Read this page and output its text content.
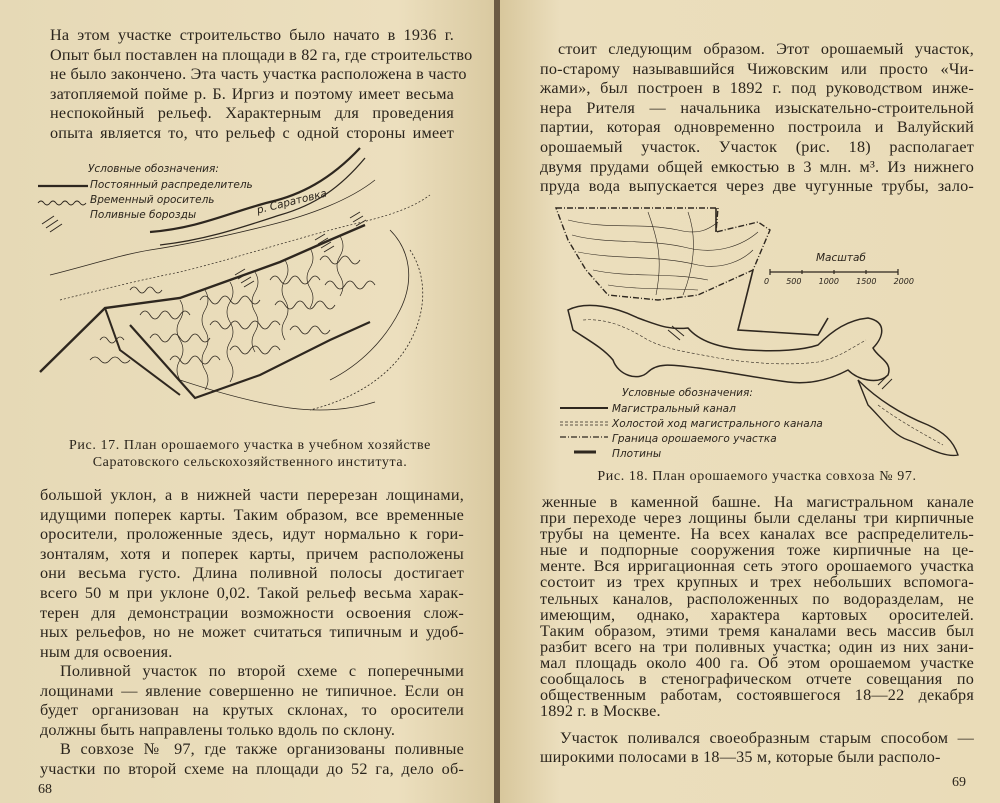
На этом участке строительство было начато в 1936 г.
Опыт был поставлен на площади в 82 га, где строительство
не было закончено. Эта часть участка расположена в часто
затопляемой пойме р. Б. Иргиз и поэтому имеет весьма
неспокойный рельеф. Характерным для проведения
опыта является то, что рельеф с одной стороны имеет
Условные обозначения:
Постоянный распределитель
Временный ороситель
Поливные борозды	р. Саратовка
Рис. 17. План орошаемого участка в учебном хозяйстве
Саратовского сельскохозяйственного института.
большой уклон, а в нижней части перерезан лощинами,
идущими поперек карты. Таким образом, все временные
оросители, проложенные здесь, идут нормально к гори-
зонталям, хотя и поперек карты, причем расположены
они весьма густо. Длина поливной полосы достигает
всего 50 м при уклоне 0,02. Такой рельеф весьма харак-
терен для демонстрации возможности освоения слож-
ных рельефов, но не может считаться типичным и удоб-
ным для освоения.
Поливной участок по второй схеме с поперечными
лощинами — явление совершенно не типичное. Если он
будет организован на крутых склонах, то оросители
должны быть направлены только вдоль по склону.
В совхозе № 97, где также организованы поливные
участки по второй схеме на площади до 52 га, дело об-
68
стоит следующим образом. Этот орошаемый участок,
по-старому называвшийся Чижовским или просто «Чи-
жами», был построен в 1892 г. под руководством инже-
нера Рителя — начальника изыскательно-строительной
партии, которая одновременно построила и Валуйский
орошаемый участок. Участок (рис. 18) располагает
двумя прудами общей емкостью в 3 млн. м³. Из нижнего
пруда вода выпускается через две чугунные трубы, зало-
Масштаб
0 500 1000 1500 2000
Условные обозначения:
Магистральный канал
Холостой ход магистрального канала
Граница орошаемого участка
Плотины
Рис. 18. План орошаемого участка совхоза № 97.
женные в каменной башне. На магистральном канале
при переходе через лощины были сделаны три кирпичные
трубы на цементе. На всех каналах все распределитель-
ные и подпорные сооружения тоже кирпичные на це-
менте. Вся ирригационная сеть этого орошаемого участка
состоит из трех крупных и трех небольших вспомога-
тельных каналов, расположенных по водоразделам, не
имеющим, однако, характера картовых оросителей.
Таким образом, этими тремя каналами весь массив был
разбит всего на три поливных участка; один из них зани-
мал площадь около 400 га. Об этом орошаемом участке
сообщалось в стенографическом отчете совещания по
общественным работам, состоявшегося 18—22 декабря
1892 г. в Москве.
Участок поливался своеобразным старым способом —
широкими полосами в 18—35 м, которые были располо-
69
